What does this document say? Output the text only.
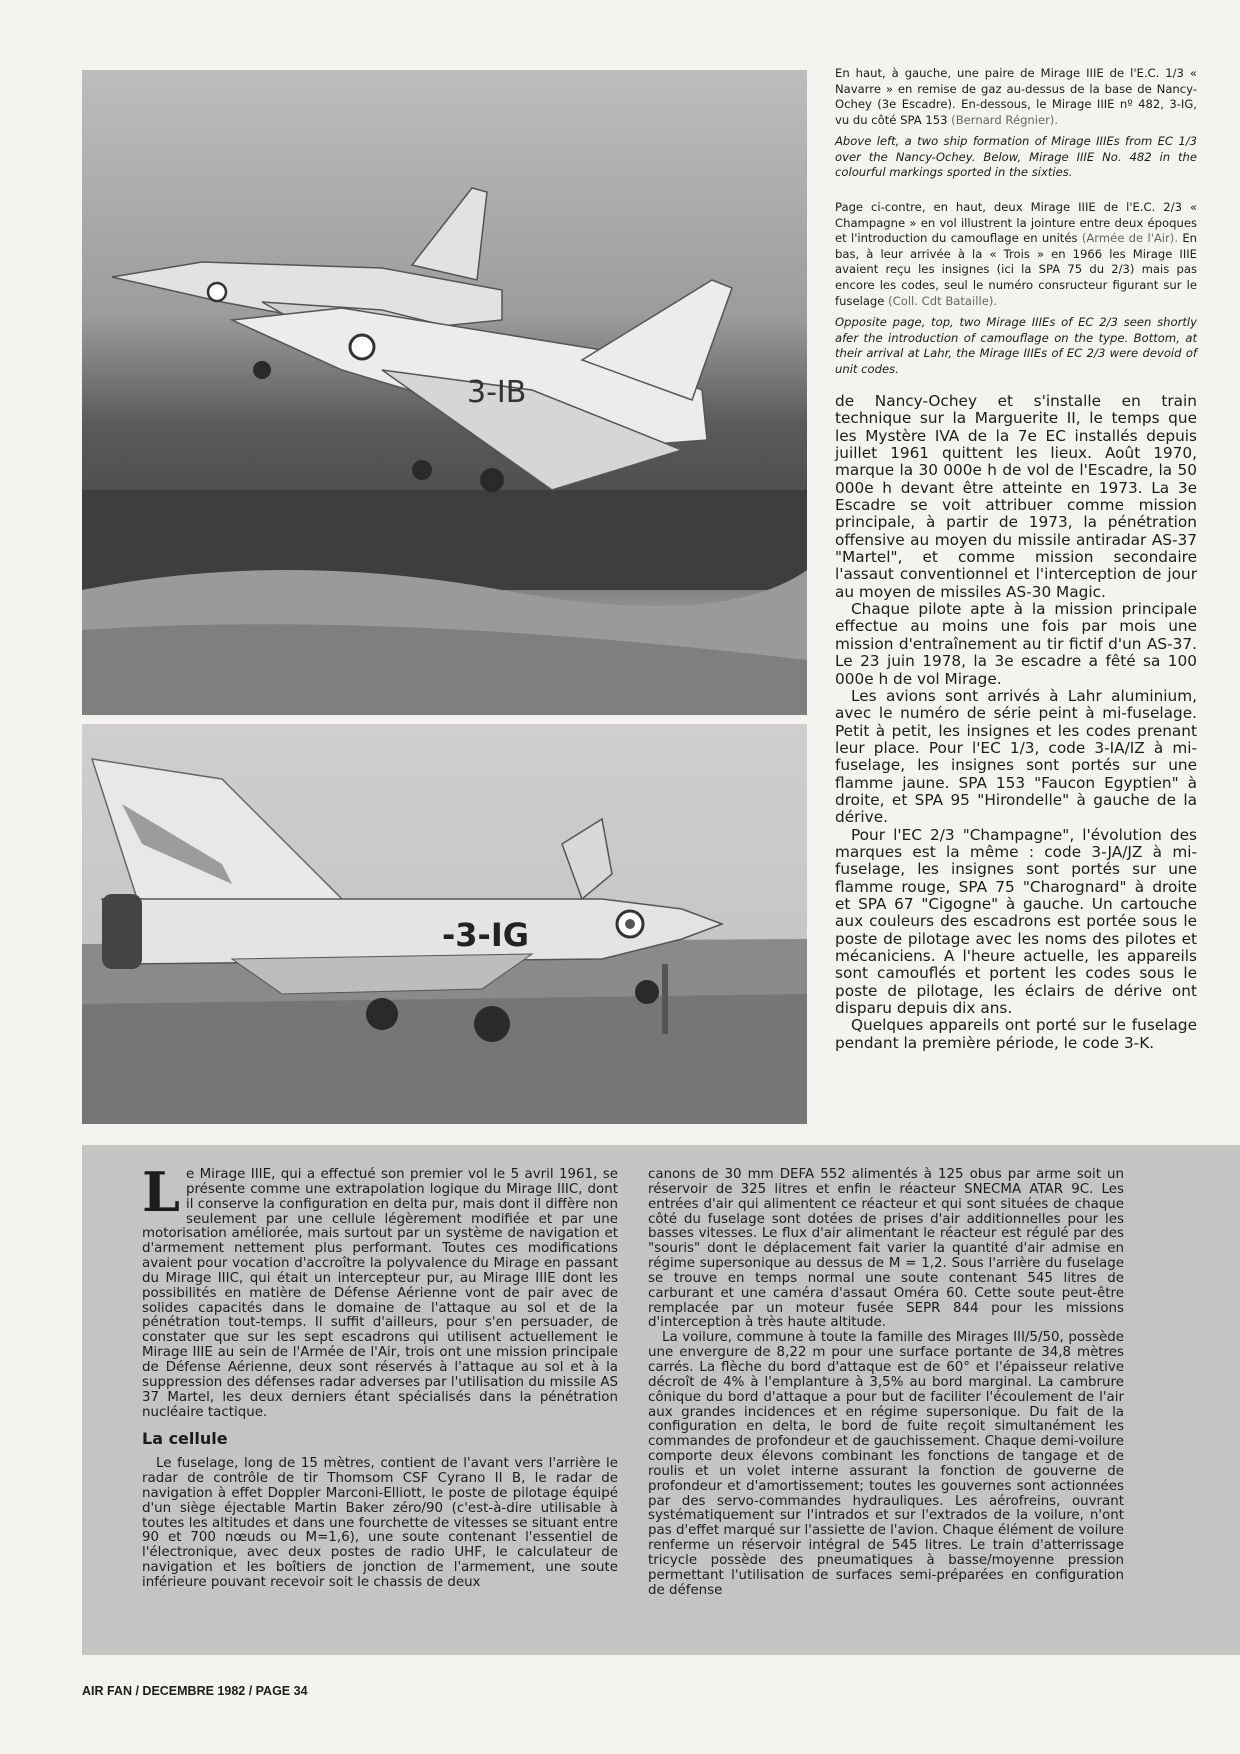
3-IB
-3-IG
En haut, à gauche, une paire de Mirage IIIE de l'E.C. 1/3 « Navarre » en remise de gaz au-dessus de la base de Nancy-Ochey (3e Escadre). En-dessous, le Mirage IIIE nº 482, 3-IG, vu du côté SPA 153 (Bernard Régnier).
Above left, a two ship formation of Mirage IIIEs from EC 1/3 over the Nancy-Ochey. Below, Mirage IIIE No. 482 in the colourful markings sported in the sixties.
Page ci-contre, en haut, deux Mirage IIIE de l'E.C. 2/3 « Champagne » en vol illustrent la jointure entre deux époques et l'introduction du camouflage en unités (Armée de l'Air). En bas, à leur arrivée à la « Trois » en 1966 les Mirage IIIE avaient reçu les insignes (ici la SPA 75 du 2/3) mais pas encore les codes, seul le numéro consructeur figurant sur le fuselage (Coll. Cdt Bataille).
Opposite page, top, two Mirage IIIEs of EC 2/3 seen shortly afer the introduction of camouflage on the type. Bottom, at their arrival at Lahr, the Mirage IIIEs of EC 2/3 were devoid of unit codes.

de Nancy-Ochey et s'installe en train technique sur la Marguerite II, le temps que les Mystère IVA de la 7e EC installés depuis juillet 1961 quittent les lieux. Août 1970, marque la 30 000e h de vol de l'Escadre, la 50 000e h devant être atteinte en 1973. La 3e Escadre se voit attribuer comme mission principale, à partir de 1973, la pénétration offensive au moyen du missile antiradar AS-37 "Martel", et comme mission secondaire l'assaut conventionnel et l'interception de jour au moyen de missiles AS-30 Magic.

Chaque pilote apte à la mission principale effectue au moins une fois par mois une mission d'entraînement au tir fictif d'un AS-37. Le 23 juin 1978, la 3e escadre a fêté sa 100 000e h de vol Mirage.

Les avions sont arrivés à Lahr aluminium, avec le numéro de série peint à mi-fuselage. Petit à petit, les insignes et les codes prenant leur place. Pour l'EC 1/3, code 3-IA/IZ à mi-fuselage, les insignes sont portés sur une flamme jaune. SPA 153 "Faucon Egyptien" à droite, et SPA 95 "Hirondelle" à gauche de la dérive.

Pour l'EC 2/3 "Champagne", l'évolution des marques est la même : code 3-JA/JZ à mi-fuselage, les insignes sont portés sur une flamme rouge, SPA 75 "Charognard" à droite et SPA 67 "Cigogne" à gauche. Un cartouche aux couleurs des escadrons est portée sous le poste de pilotage avec les noms des pilotes et mécaniciens. A l'heure actuelle, les appareils sont camouflés et portent les codes sous le poste de pilotage, les éclairs de dérive ont disparu depuis dix ans.

Quelques appareils ont porté sur le fuselage pendant la première période, le code 3-K.

Le Mirage IIIE, qui a effectué son premier vol le 5 avril 1961, se présente comme une extrapolation logique du Mirage IIIC, dont il conserve la configuration en delta pur, mais dont il diffère non seulement par une cellule légèrement modifiée et par une motorisation améliorée, mais surtout par un système de navigation et d'armement nettement plus performant. Toutes ces modifications avaient pour vocation d'accroître la polyvalence du Mirage en passant du Mirage IIIC, qui était un intercepteur pur, au Mirage IIIE dont les possibilités en matière de Défense Aérienne vont de pair avec de solides capacités dans le domaine de l'attaque au sol et de la pénétration tout-temps. Il suffit d'ailleurs, pour s'en persuader, de constater que sur les sept escadrons qui utilisent actuellement le Mirage IIIE au sein de l'Armée de l'Air, trois ont une mission principale de Défense Aérienne, deux sont réservés à l'attaque au sol et à la suppression des défenses radar adverses par l'utilisation du missile AS 37 Martel, les deux derniers étant spécialisés dans la pénétration nucléaire tactique.

La cellule

Le fuselage, long de 15 mètres, contient de l'avant vers l'arrière le radar de contrôle de tir Thomsom CSF Cyrano II B, le radar de navigation à effet Doppler Marconi-Elliott, le poste de pilotage équipé d'un siège éjectable Martin Baker zéro/90 (c'est-à-dire utilisable à toutes les altitudes et dans une fourchette de vitesses se situant entre 90 et 700 nœuds ou M=1,6), une soute contenant l'essentiel de l'électronique, avec deux postes de radio UHF, le calculateur de navigation et les boîtiers de jonction de l'armement, une soute inférieure pouvant recevoir soit le chassis de deux

canons de 30 mm DEFA 552 alimentés à 125 obus par arme soit un réservoir de 325 litres et enfin le réacteur SNECMA ATAR 9C. Les entrées d'air qui alimentent ce réacteur et qui sont situées de chaque côté du fuselage sont dotées de prises d'air additionnelles pour les basses vitesses. Le flux d'air alimentant le réacteur est régulé par des "souris" dont le déplacement fait varier la quantité d'air admise en régime supersonique au dessus de M = 1,2. Sous l'arrière du fuselage se trouve en temps normal une soute contenant 545 litres de carburant et une caméra d'assaut Oméra 60. Cette soute peut-être remplacée par un moteur fusée SEPR 844 pour les missions d'interception à très haute altitude.

La voilure, commune à toute la famille des Mirages III/5/50, possède une envergure de 8,22 m pour une surface portante de 34,8 mètres carrés. La flèche du bord d'attaque est de 60° et l'épaisseur relative décroît de 4% à l'emplanture à 3,5% au bord marginal. La cambrure cônique du bord d'attaque a pour but de faciliter l'écoulement de l'air aux grandes incidences et en régime supersonique. Du fait de la configuration en delta, le bord de fuite reçoit simultanément les commandes de profondeur et de gauchissement. Chaque demi-voilure comporte deux élevons combinant les fonctions de tangage et de roulis et un volet interne assurant la fonction de gouverne de profondeur et d'amortissement; toutes les gouvernes sont actionnées par des servo-commandes hydrauliques. Les aérofreins, ouvrant systématiquement sur l'intrados et sur l'extrados de la voilure, n'ont pas d'effet marqué sur l'assiette de l'avion. Chaque élément de voilure renferme un réservoir intégral de 545 litres. Le train d'atterrissage tricycle possède des pneumatiques à basse/moyenne pression permettant l'utilisation de surfaces semi-préparées en configuration de défense

AIR FAN / DECEMBRE 1982 / PAGE 34
